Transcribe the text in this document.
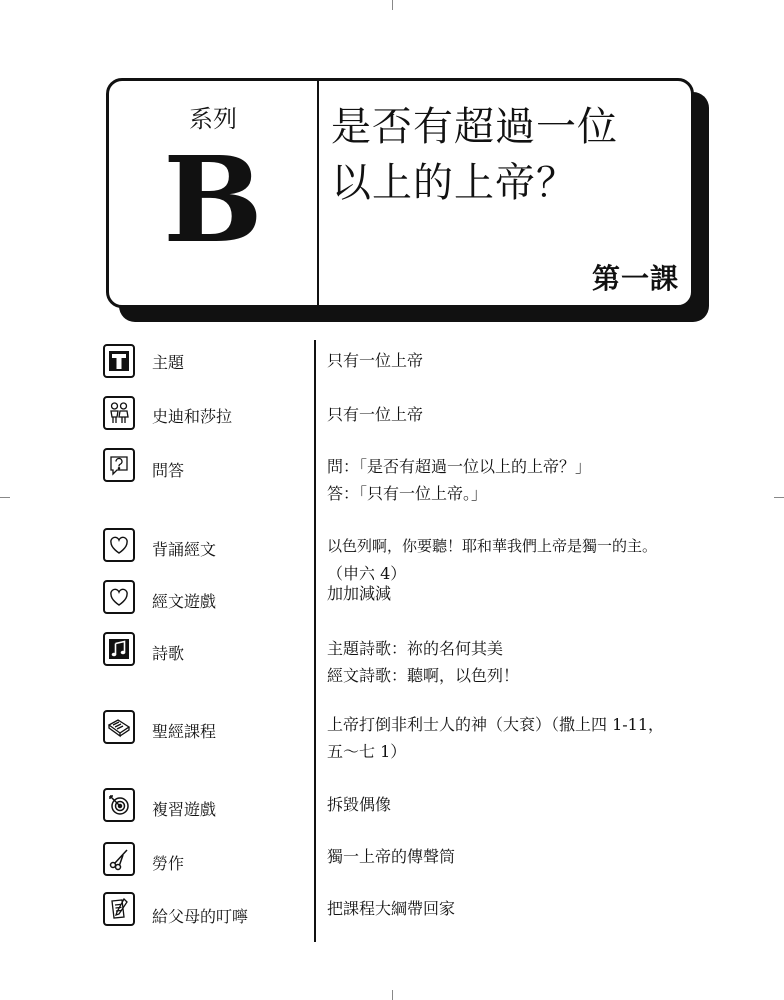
系列
B
是否有超過一位
以上的上帝？
第一課
主題	只有一位上帝
史迪和莎拉	只有一位上帝
問答	問：「是否有超過一位以上的上帝？」
答：「只有一位上帝。」
背誦經文	以色列啊，你要聽！耶和華我們上帝是獨一的主。
（申六 4）
經文遊戲	加加減減
詩歌	主題詩歌：祢的名何其美
經文詩歌：聽啊，以色列！
聖經課程	上帝打倒非利士人的神（大袞）（撒上四 1-11，
五～七 1）
複習遊戲	拆毀偶像
勞作	獨一上帝的傳聲筒
給父母的叮嚀	把課程大綱帶回家
